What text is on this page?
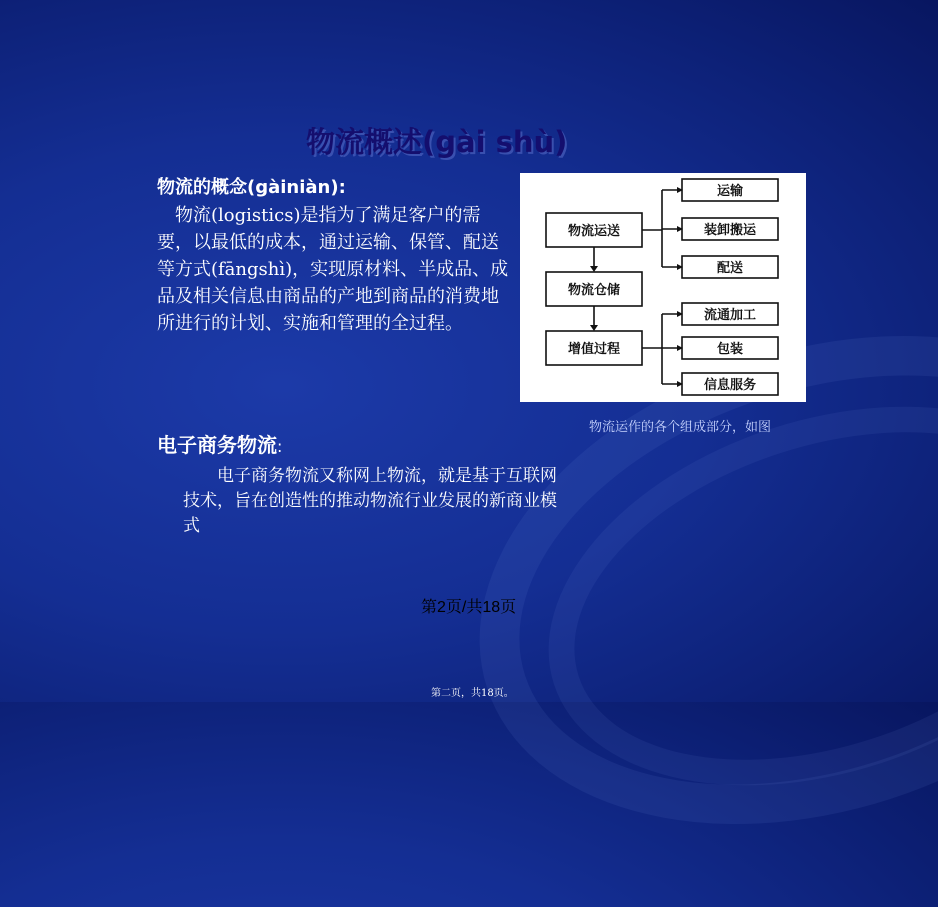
物流概述(gài shù)
物流的概念(gàiniàn):
　物流(logistics)是指为了满足客户的需要，以最低的成本，通过运输、保管、配送等方式(fāngshì)，实现原材料、半成品、成品及相关信息由商品的产地到商品的消费地所进行的计划、实施和管理的全过程。
物流运送
物流仓储
增值过程
运输
装卸搬运
配送
流通加工
包装
信息服务
物流运作的各个组成部分，如图
电子商务物流:
　　电子商务物流又称网上物流，就是基于互联网技术，旨在创造性的推动物流行业发展的新商业模式
第2页/共18页
第二页，共18页。
